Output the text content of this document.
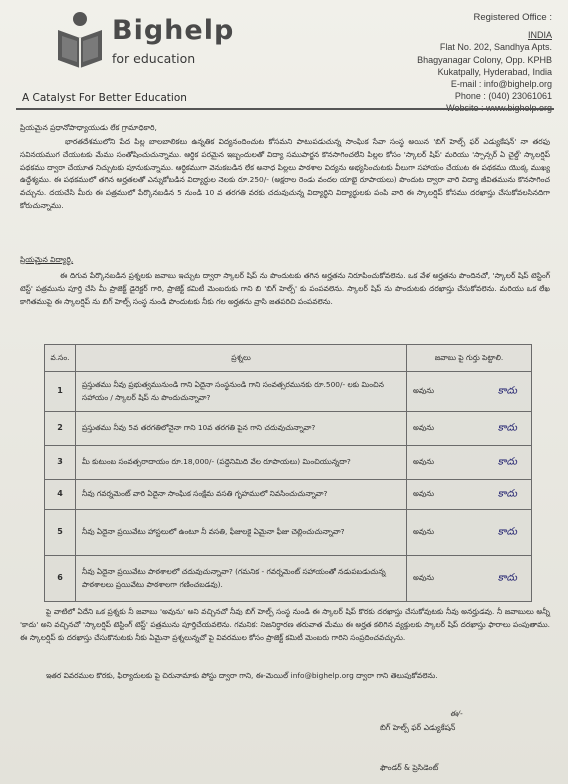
Bighelp
for education
A Catalyst For Better Education
Registered Office :
INDIA
Flat No. 202, Sandhya Apts.
Bhagyanagar Colony, Opp. KPHB
Kukatpally, Hyderabad, India
E-mail : info@bighelp.org
Phone : (040) 23061061
ప్రియమైన ప్రధానోపాధ్యాయుడు లేక గ్రామాధికారి,
భారతదేశములోని పేద పిల్ల బాలబాలికలు ఉన్నతిక విద్యనందించుట కోసమని పాటుపడుచున్న సాంఘిక సేవా సంస్థ అయిన 'బిగ్ హెల్ప్ ఫర్ ఎడ్యుకేషన్' నా తరఫు సవినయముగ చేయుటకు మేము సంతోషించుచున్నాము. ఆర్థిక పరమైన ఇబ్బందులతో విద్యా సముపార్జన కొనసాగించలేని పిల్లల కోసం 'స్కాలర్ షిప్' మరియు 'స్పాన్సర్ ఏ చైల్డ్' స్కాలర్షిప్ పథకము ద్వారా చేయూత నిచ్చుటకు పూనుకున్నాము. ఆర్థికముగా వెనుకబడిన లేక అనాధ పిల్లలు పాఠశాల విద్యను అభ్యసించుటకు వీలుగా సహాయం చేయుట ఈ పథకము యొక్క ముఖ్య ఉద్దేశ్యము. ఈ పథకములో తగిన అర్హతలతో ఎన్నుకోబడిన విద్యార్థుల నెలకు రూ.250/- (అక్షరాల రెండు వందల యాభై రూపాయలు) పొందుట ద్వారా వారి విద్యా జీవితమును కొనసాగించ వచ్చును. దయచేసి మీరు ఈ పత్రములో పేర్కొనబడిన 5 నుండి 10 వ తరగతి వరకు చదువుచున్న విద్యార్థిని విద్యార్థులకు పంపి వారి ఈ స్కాలర్షిప్ కోసము దరఖాస్తు చేసుకోవలసినదిగా కోరుచున్నాము.
ప్రియమైన విద్యార్థి,
ఈ దిగువ పేర్కొనబడిన ప్రశ్నలకు జవాబు ఇచ్చుట ద్వారా స్కాలర్ షిప్ ను పొందుటకు తగిన అర్హతను నిరూపించుకోవలెను. ఒక వేళ అర్హతను పొందినచో, 'స్కాలర్ షిప్ టెస్టింగ్ టెస్ట్' పత్రమును పూర్తి చేసి మీ ప్రాజెక్ట్ డైరెక్టర్ గారి, ప్రాజెక్ట్ కమిటీ మెంబరుకు గాని బి 'బిగ్ హెల్ప్' కు పంపవలెను. స్కాలర్ షిప్ ను పొందుటకు దరఖాస్తు చేసుకోవలెను. మరియు ఒక లేఖ కాగితముపై ఈ స్కాలర్షిప్ ను బిగ్ హెల్ప్ సంస్థ నుండి పొందుటకు నీకు గల అర్హతను వ్రాసి జతపరిచి పంపవలెను.
వ.సం.	ప్రశ్నలు	జవాబు పై గుర్తు పెట్టాలి.
1	ప్రస్తుతము నీవు ప్రభుత్వమునుండి గాని ఏదైనా సంస్థనుండి గాని సంవత్సరమునకు రూ.500/- లకు మించిన సహాయం / స్కాలర్ షిప్ ను పొందుచున్నావా?	అవును కాదు

2	ప్రస్తుతము నీవు 5వ తరగతిలోనైనా గాని 10వ తరగతి పైన గాని చదువుచున్నావా?	అవును కాదు

3	మీ కుటుంబ సంవత్సరాదాయం రూ.18,000/- (పద్దెనిమిది వేల రూపాయలు) మించియున్నదా?	అవును కాదు

4	నీవు గవర్నమెంట్ వారి ఏదైనా సాంఘిక సంక్షేమ వసతి గృహములో నివసించుచున్నావా?	అవును కాదు

5	నీవు ఏదైనా ప్రయివేటు హాస్టలులో ఉంటూ నీ వసతి, ఫీజులకై ఏమైనా ఫీజు చెల్లించుచున్నావా?	అవును కాదు

6	నీవు ఏదైనా ప్రయివేటు పాఠశాలలో చదువుచున్నావా? (గమనిక - గవర్నమెంట్ సహాయంతో నడుపబడుచున్న పాఠశాలలు ప్రయివేటు పాఠశాలగా గణించబడవు).	అవును కాదు
పై వాటిలో ఏదేని ఒక ప్రశ్నకు నీ జవాబు 'అవును' అని వచ్చినచో నీవు బిగ్ హెల్ప్ సంస్థ నుండి ఈ స్కాలర్ షిప్ కొరకు దరఖాస్తు చేసుకోవుటకు నీవు అనర్హుడవు. నీ జవాబులు అన్నీ 'కాదు' అని వచ్చినచో 'స్కాలర్షిప్ టెస్టింగ్ టెస్ట్' పత్రమును పూర్తిచేయవలెను. గమనిక: నిజనిర్ధారణ తరువాత మేము ఈ అర్హత కలిగిన వ్యక్తులకు స్కాలర్ షిప్ దరఖాస్తు ఫారాలు పంపుతాము. ఈ స్కాలర్షిప్ కు దరఖాస్తు చేసుకొనుటకు నీకు ఏమైనా ప్రశ్నలున్నచో పై వివరముల కోసం ప్రాజెక్ట్ కమిటీ మెంబరు గారిని సంప్రదించవచ్చును.
ఇతర వివరముల కొరకు, ఫిర్యాదులకు పై చిరునామాకు పోస్టు ద్వారా గాని, ఈ-మెయిల్ info@bighelp.org ద్వారా గాని తెలుపుకోవలెను.
ఈ/-
బిగ్ హెల్ప్ ఫర్ ఎడ్యుకేషన్
ఫౌండర్ & ప్రెసిడెంట్
